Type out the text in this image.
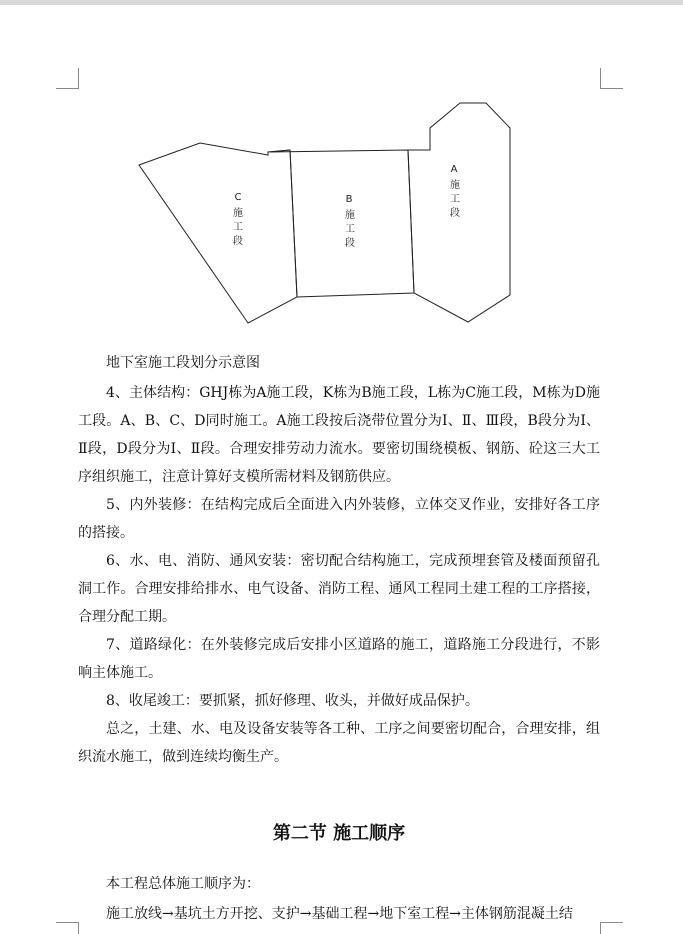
C
施
工
段
B
施
工
段
A
施
工
段

地下室施工段划分示意图

4、主体结构：GHJ栋为A施工段，K栋为B施工段，L栋为C施工段，M栋为D施工段。A、B、C、D同时施工。A施工段按后浇带位置分为Ⅰ、Ⅱ、Ⅲ段，B段分为Ⅰ、Ⅱ段，D段分为Ⅰ、Ⅱ段。合理安排劳动力流水。要密切围绕模板、钢筋、砼这三大工序组织施工，注意计算好支模所需材料及钢筋供应。

5、内外装修：在结构完成后全面进入内外装修，立体交叉作业，安排好各工序的搭接。

6、水、电、消防、通风安装：密切配合结构施工，完成预埋套管及楼面预留孔洞工作。合理安排给排水、电气设备、消防工程、通风工程同土建工程的工序搭接，合理分配工期。

7、道路绿化：在外装修完成后安排小区道路的施工，道路施工分段进行，不影响主体施工。

8、收尾竣工：要抓紧，抓好修理、收头，并做好成品保护。

总之，土建、水、电及设备安装等各工种、工序之间要密切配合，合理安排，组织流水施工，做到连续均衡生产。

第二节 施工顺序

本工程总体施工顺序为：

施工放线→基坑土方开挖、支护→基础工程→地下室工程→主体钢筋混凝土结
